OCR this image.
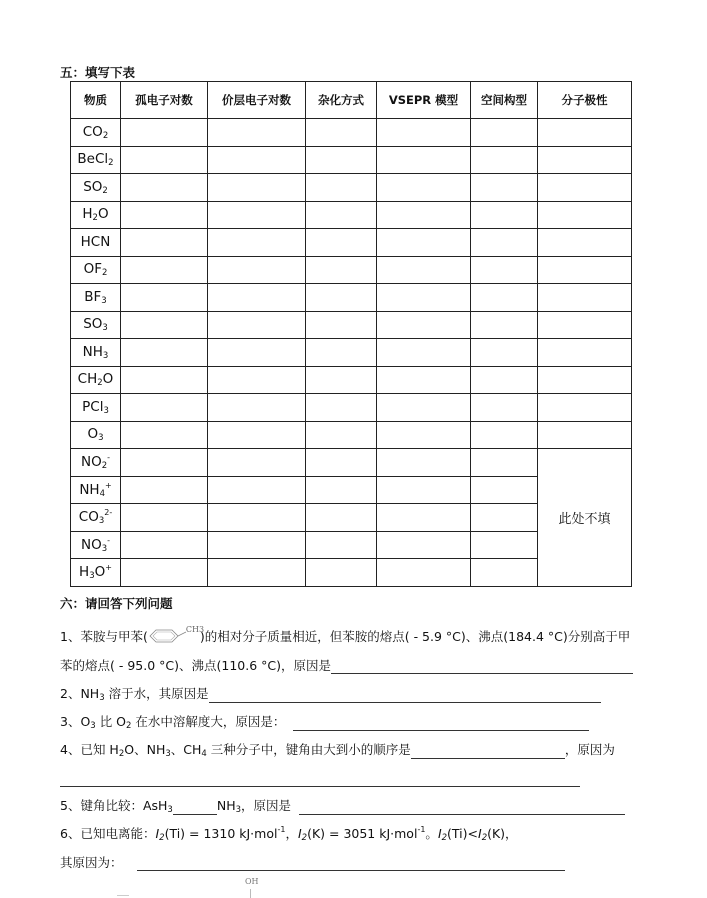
五：填写下表
物质	孤电子对数	价层电子对数	杂化方式	VSEPR 模型	空间构型	分子极性
$CO_2$						
BeCl$_2$						
$SO_2$						
$H_2O$						
HCN						
$OF_2$						
$BF_3$						
$SO_3$						
$NH_3$						
$CH_2O$						
PCl$_3$						
$O_3$						
$NO_2^-$						此处不填
$NH_4^+$					
$CO_3^{2-}$					
$NO_3^-$					
$H_3O^+$					
六：请回答下列问题
1、苯胺与甲苯(	CH3
)的相对分子质量相近，但苯胺的熔点( - 5.9 °C)、沸点(184.4 °C)分别高于甲
苯的熔点( - 95.0 °C)、沸点(110.6 °C)，原因是
2、$NH_3$ 溶于水，其原因是
3、$O_3$ 比 $O_2$ 在水中溶解度大，原因是：
4、已知 $H_2O$、$NH_3$、$CH_4$ 三种分子中，键角由大到小的顺序是	，原因为
5、键角比较：AsH$_3$	$NH_3$，原因是
6、已知电离能：$I_2(Ti) = 1310$ kJ·mol$^{-1}$，$I_2(K) = 3051$ kJ·mol$^{-1}$。$I_2(Ti)<I_2(K)$，
其原因为：
OH
